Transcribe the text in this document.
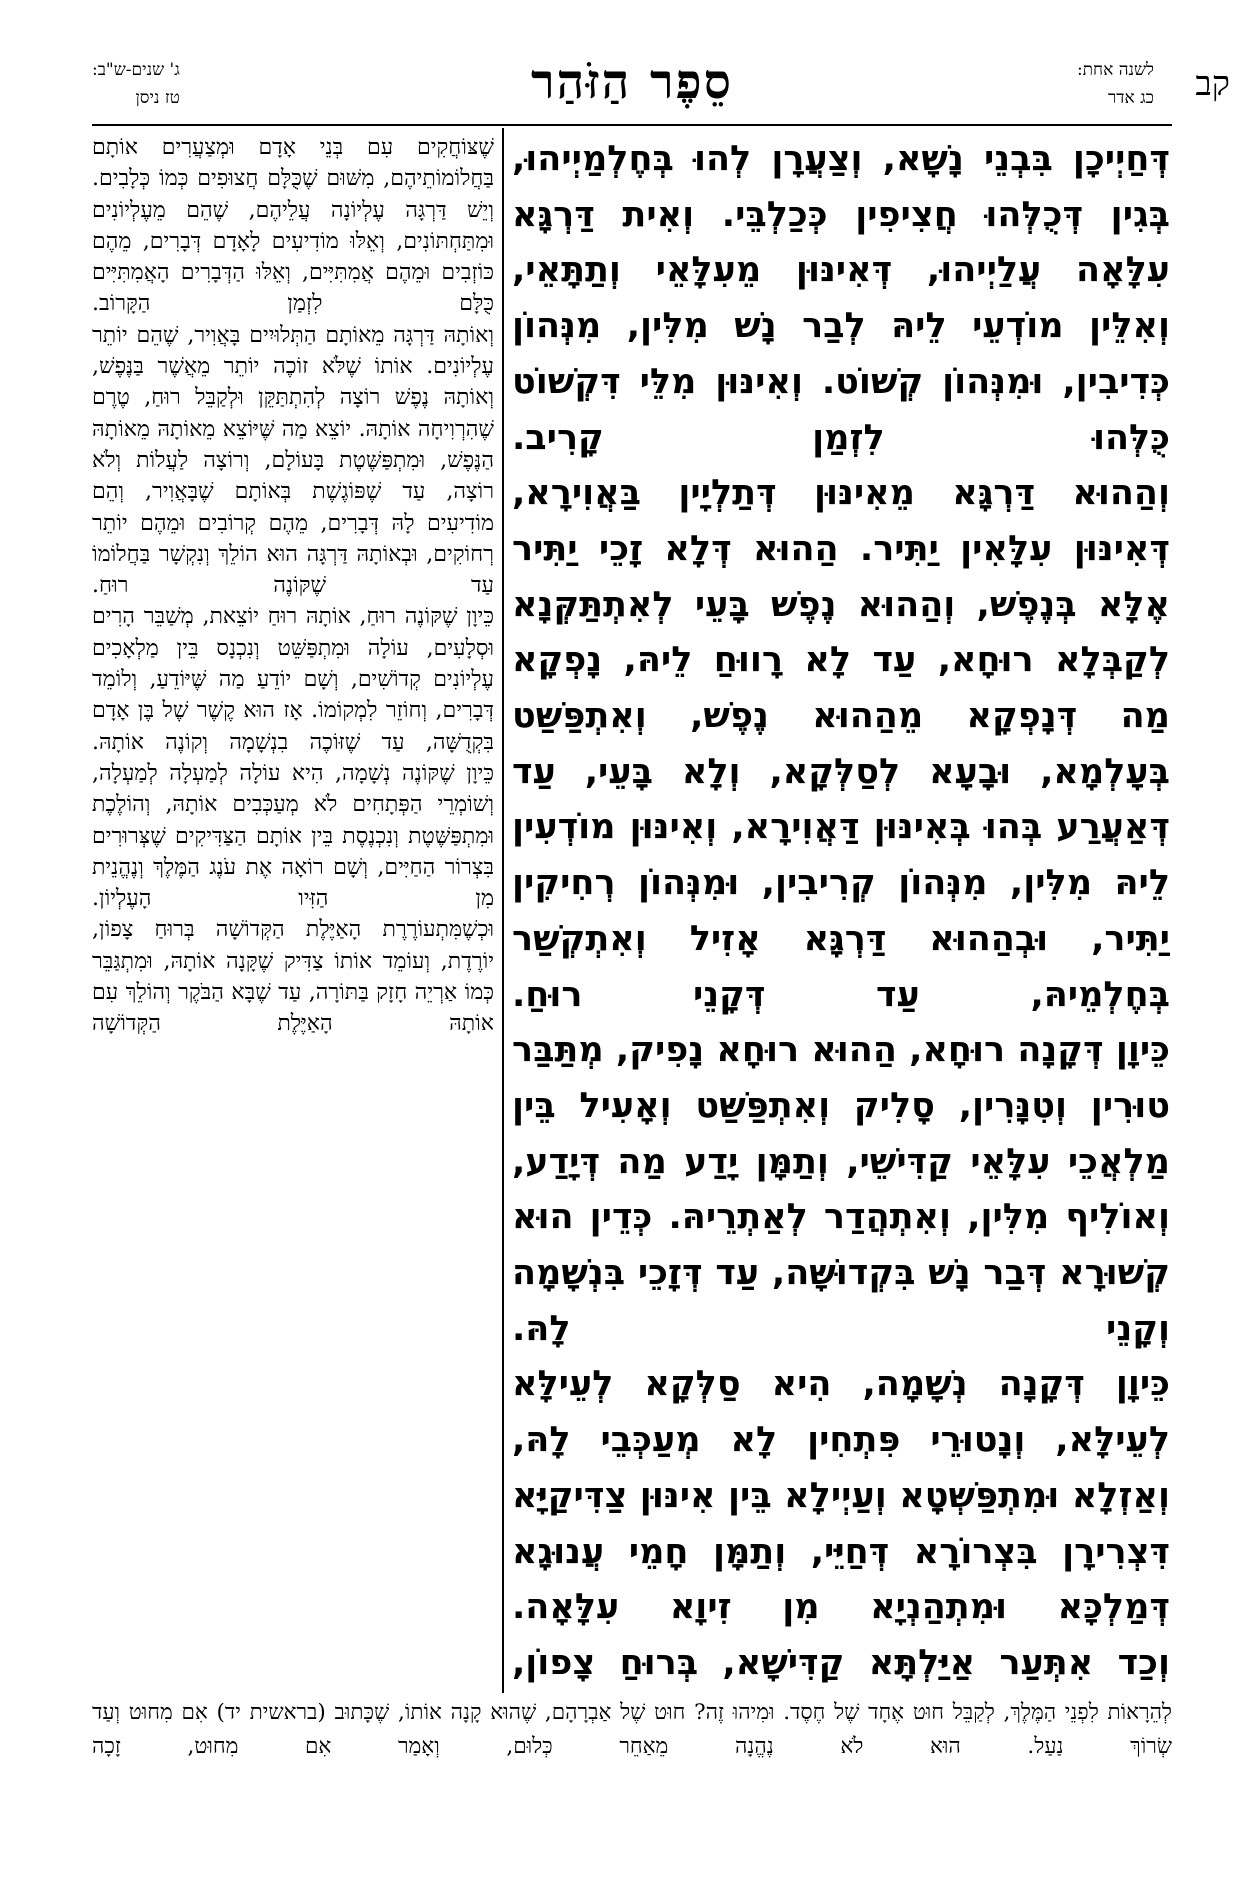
קב
לשנה אחת:
כג אדר
סֵפֶר הַזֹּהַר
ג' שנים-ש"ב:
טז ניסן

דְּחַיְיכָן בִּבְנֵי נָשָׁא, וְצַעֲרָן לְהוּ בְּחֶלְמַיְיהוּ, בְּגִין דְּכֻלְּהוּ חֲצִיפִין כְּכַלְבֵּי. וְאִית דַּרְגָּא עִלָּאָה עֲלַיְיהוּ, דְּאִינּוּן מֵעִלָּאֵי וְתַתָּאֵי, וְאִלֵּין מוֹדְעֵי לֵיהּ לְבַר נָשׁ מִלִּין, מִנְּהוֹן כְּדִיבִין, וּמִנְּהוֹן קְשׁוֹט. וְאִינּוּן מִלֵּי דִּקְשׁוֹט כֻּלְּהוּ לִזְמַן קָרִיב.

וְהַהוּא דַּרְגָּא מֵאִינּוּן דְּתַלְיָין בַּאֲוִירָא, דְּאִינּוּן עִלָּאִין יַתִּיר. הַהוּא דְּלָא זָכֵי יַתִּיר אֶלָּא בְּנֶפֶשׁ, וְהַהוּא נֶפֶשׁ בָּעֵי לְאִתְתַּקְּנָא לְקַבְּלָא רוּחָא, עַד לָא רָווּחַ לֵיהּ, נָפְקָא מַה דְּנָפְקָא מֵהַהוּא נֶפֶשׁ, וְאִתְפַּשַּׁט בְּעָלְמָא, וּבָעָא לְסַלְּקָא, וְלָא בָּעֵי, עַד דְּאַעֲרַע בְּהוּ בְּאִינּוּן דַּאֲוִירָא, וְאִינּוּן מוֹדְעִין לֵיהּ מִלִּין, מִנְּהוֹן קְרִיבִין, וּמִנְּהוֹן רְחִיקִין יַתִּיר, וּבְהַהוּא דַּרְגָּא אָזִיל וְאִתְקְשַׁר בְּחֶלְמֵיהּ, עַד דְּקָנֵי רוּחַ.

כֵּיוָן דְּקָנָה רוּחָא, הַהוּא רוּחָא נָפִיק, מְתַּבַּר טוּרִין וְטִנָּרִין, סָלִיק וְאִתְפַּשַּׁט וְאָעִיל בֵּין מַלְאֲכֵי עִלָּאֵי קַדִּישֵׁי, וְתַמָּן יָדַע מַה דְּיָדַע, וְאוֹלִיף מִלִּין, וְאִתְהֲדַר לְאַתְרֵיהּ. כְּדֵין הוּא קְשׁוּרָא דְּבַר נָשׁ בִּקְדוּשָּׁה, עַד דְּזָכֵי בִּנְשָׁמָה וְקָנֵי לָהּ.

כֵּיוָן דְּקָנָה נְשָׁמָה, הִיא סַלְּקָא לְעֵילָּא לְעֵילָּא, וְנָטוּרֵי פִּתְחִין לָא מְעַכְּבֵי לָהּ, וְאַזְלָא וּמִתְפַּשְּׁטָא וְעַיְילָא בֵּין אִינּוּן צַדִּיקַיָּא דִּצְרִירָן בִּצְרוֹרָא דְּחַיֵּי, וְתַמָּן חָמֵי עֲנוּגָא דְּמַלְכָּא וּמִתְהַנְיָא מִן זִיוָא עִלָּאָה.

וְכַד אִתְּעַר אַיַּלְתָּא קַדִּישָׁא, בְּרוּחַ צָפוֹן,

שֶׁצּוֹחֲקִים עִם בְּנֵי אָדָם וּמְצַעֲרִים אוֹתָם בַּחֲלוֹמוֹתֵיהֶם, מִשּׁוּם שֶׁכֻּלָּם חֲצוּפִים כְּמוֹ כְּלָבִים. וְיֵשׁ דַּרְגָּה עֶלְיוֹנָה עֲלֵיהֶם, שֶׁהֵם מֵעֶלְיוֹנִים וּמִתַּחְתּוֹנִים, וְאֵלּוּ מוֹדִיעִים לָאָדָם דְּבָרִים, מֵהֶם כּוֹזְבִים וּמֵהֶם אֲמִתִּיִּים, וְאֵלּוּ הַדְּבָרִים הָאֲמִתִּיִּים כֻּלָּם לִזְמַן הַקָּרוֹב.

וְאוֹתָהּ דַּרְגָּה מֵאוֹתָם הַתְּלוּיִים בָּאֲוִיר, שֶׁהֵם יוֹתֵר עֶלְיוֹנִים. אוֹתוֹ שֶׁלֹּא זוֹכֶה יוֹתֵר מֵאֲשֶׁר בַּנֶּפֶשׁ, וְאוֹתָהּ נֶפֶשׁ רוֹצָה לְהִתְתַּקֵּן וּלְקַבֵּל רוּחַ, טֶרֶם שֶׁהִרְוִיחָה אוֹתָהּ. יוֹצֵא מַה שֶּׁיּוֹצֵא מֵאוֹתָהּ מֵאוֹתָהּ הַנֶּפֶשׁ, וּמִתְפַּשֶּׁטֶת בָּעוֹלָם, וְרוֹצָה לַעֲלוֹת וְלֹא רוֹצָה, עַד שֶׁפּוֹגֶשֶׁת בְּאוֹתָם שֶׁבָּאֲוִיר, וְהֵם מוֹדִיעִים לָהּ דְּבָרִים, מֵהֶם קְרוֹבִים וּמֵהֶם יוֹתֵר רְחוֹקִים, וּבְאוֹתָהּ דַּרְגָּה הוּא הוֹלֵךְ וְנִקְשָׁר בַּחֲלוֹמוֹ עַד שֶׁקּוֹנֶה רוּחַ.

כֵּיוָן שֶׁקּוֹנֶה רוּחַ, אוֹתָהּ רוּחַ יוֹצֵאת, מְשַׁבֵּר הָרִים וּסְלָעִים, עוֹלָה וּמִתְפַּשֵּׁט וְנִכְנָס בֵּין מַלְאָכִים עֶלְיוֹנִים קְדוֹשִׁים, וְשָׁם יוֹדֵעַ מַה שֶּׁיּוֹדֵעַ, וְלוֹמֵד דְּבָרִים, וְחוֹזֵר לִמְקוֹמוֹ. אָז הוּא קֶשֶׁר שֶׁל בֶּן אָדָם בִּקְדֻשָּׁה, עַד שֶׁזּוֹכֶה בִנְשָׁמָה וְקוֹנֶה אוֹתָהּ.

כֵּיוָן שֶׁקּוֹנֶה נְשָׁמָה, הִיא עוֹלָה לְמַעְלָה לְמַעְלָה, וְשׁוֹמְרֵי הַפְּתָחִים לֹא מְעַכְּבִים אוֹתָהּ, וְהוֹלֶכֶת וּמִתְפַּשֶּׁטֶת וְנִכְנֶסֶת בֵּין אוֹתָם הַצַּדִּיקִים שֶׁצְּרוּרִים בִּצְרוֹר הַחַיִּים, וְשָׁם רוֹאָה אֶת עֹנֶג הַמֶּלֶךְ וְנֶהֱנֵית מִן הַזִּיו הָעֶלְיוֹן.

וּכְשֶׁמִּתְעוֹרֶרֶת הָאַיֶּלֶת הַקְּדוֹשָׁה בְּרוּחַ צָפוֹן, יוֹרֶדֶת, וְעוֹמֵד אוֹתוֹ צַדִּיק שֶׁקָּנָה אוֹתָהּ, וּמִתְגַּבֵּר כְּמוֹ אַרְיֵה חָזָק בַּתּוֹרָה, עַד שֶׁבָּא הַבֹּקֶר וְהוֹלֵךְ עִם אוֹתָהּ הָאַיֶּלֶת הַקְּדוֹשָׁה

לְהֵרָאוֹת לִפְנֵי הַמֶּלֶךְ, לְקַבֵּל חוּט אֶחָד שֶׁל חֶסֶד. וּמִיהוּ זֶה? חוּט שֶׁל אַבְרָהָם, שֶׁהוּא קָנָה אוֹתוֹ, שֶׁכָּתוּב (בראשית יד) אִם מִחוּט וְעַד שְׂרוֹךְ נַעַל. הוּא לֹא נֶהֱנָה מֵאַחֵר כְּלוּם, וְאָמַר אִם מִחוּט, זָכָה
